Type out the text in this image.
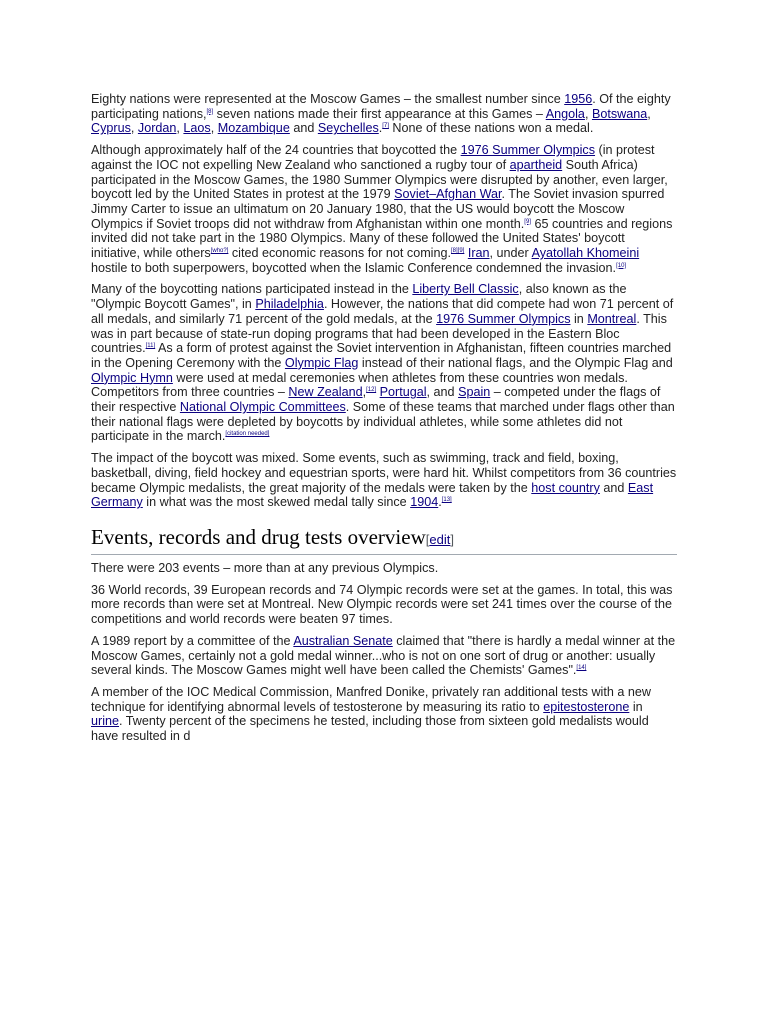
Eighty nations were represented at the Moscow Games – the smallest number since 1956. Of the eighty participating nations,[8] seven nations made their first appearance at this Games – Angola, Botswana, Cyprus, Jordan, Laos, Mozambique and Seychelles.[7] None of these nations won a medal.

Although approximately half of the 24 countries that boycotted the 1976 Summer Olympics (in protest against the IOC not expelling New Zealand who sanctioned a rugby tour of apartheid South Africa) participated in the Moscow Games, the 1980 Summer Olympics were disrupted by another, even larger, boycott led by the United States in protest at the 1979 Soviet–Afghan War. The Soviet invasion spurred Jimmy Carter to issue an ultimatum on 20 January 1980, that the US would boycott the Moscow Olympics if Soviet troops did not withdraw from Afghanistan within one month.[9] 65 countries and regions invited did not take part in the 1980 Olympics. Many of these followed the United States' boycott initiative, while others[who?] cited economic reasons for not coming.[8][9] Iran, under Ayatollah Khomeini hostile to both superpowers, boycotted when the Islamic Conference condemned the invasion.[10]

Many of the boycotting nations participated instead in the Liberty Bell Classic, also known as the "Olympic Boycott Games", in Philadelphia. However, the nations that did compete had won 71 percent of all medals, and similarly 71 percent of the gold medals, at the 1976 Summer Olympics in Montreal. This was in part because of state-run doping programs that had been developed in the Eastern Bloc countries.[11] As a form of protest against the Soviet intervention in Afghanistan, fifteen countries marched in the Opening Ceremony with the Olympic Flag instead of their national flags, and the Olympic Flag and Olympic Hymn were used at medal ceremonies when athletes from these countries won medals. Competitors from three countries – New Zealand,[12] Portugal, and Spain – competed under the flags of their respective National Olympic Committees. Some of these teams that marched under flags other than their national flags were depleted by boycotts by individual athletes, while some athletes did not participate in the march.[citation needed]

The impact of the boycott was mixed. Some events, such as swimming, track and field, boxing, basketball, diving, field hockey and equestrian sports, were hard hit. Whilst competitors from 36 countries became Olympic medalists, the great majority of the medals were taken by the host country and East Germany in what was the most skewed medal tally since 1904.[13]

Events, records and drug tests overview[edit]

There were 203 events – more than at any previous Olympics.

36 World records, 39 European records and 74 Olympic records were set at the games. In total, this was more records than were set at Montreal. New Olympic records were set 241 times over the course of the competitions and world records were beaten 97 times.

A 1989 report by a committee of the Australian Senate claimed that "there is hardly a medal winner at the Moscow Games, certainly not a gold medal winner...who is not on one sort of drug or another: usually several kinds. The Moscow Games might well have been called the Chemists' Games".[14]

A member of the IOC Medical Commission, Manfred Donike, privately ran additional tests with a new technique for identifying abnormal levels of testosterone by measuring its ratio to epitestosterone in urine. Twenty percent of the specimens he tested, including those from sixteen gold medalists would have resulted in d
